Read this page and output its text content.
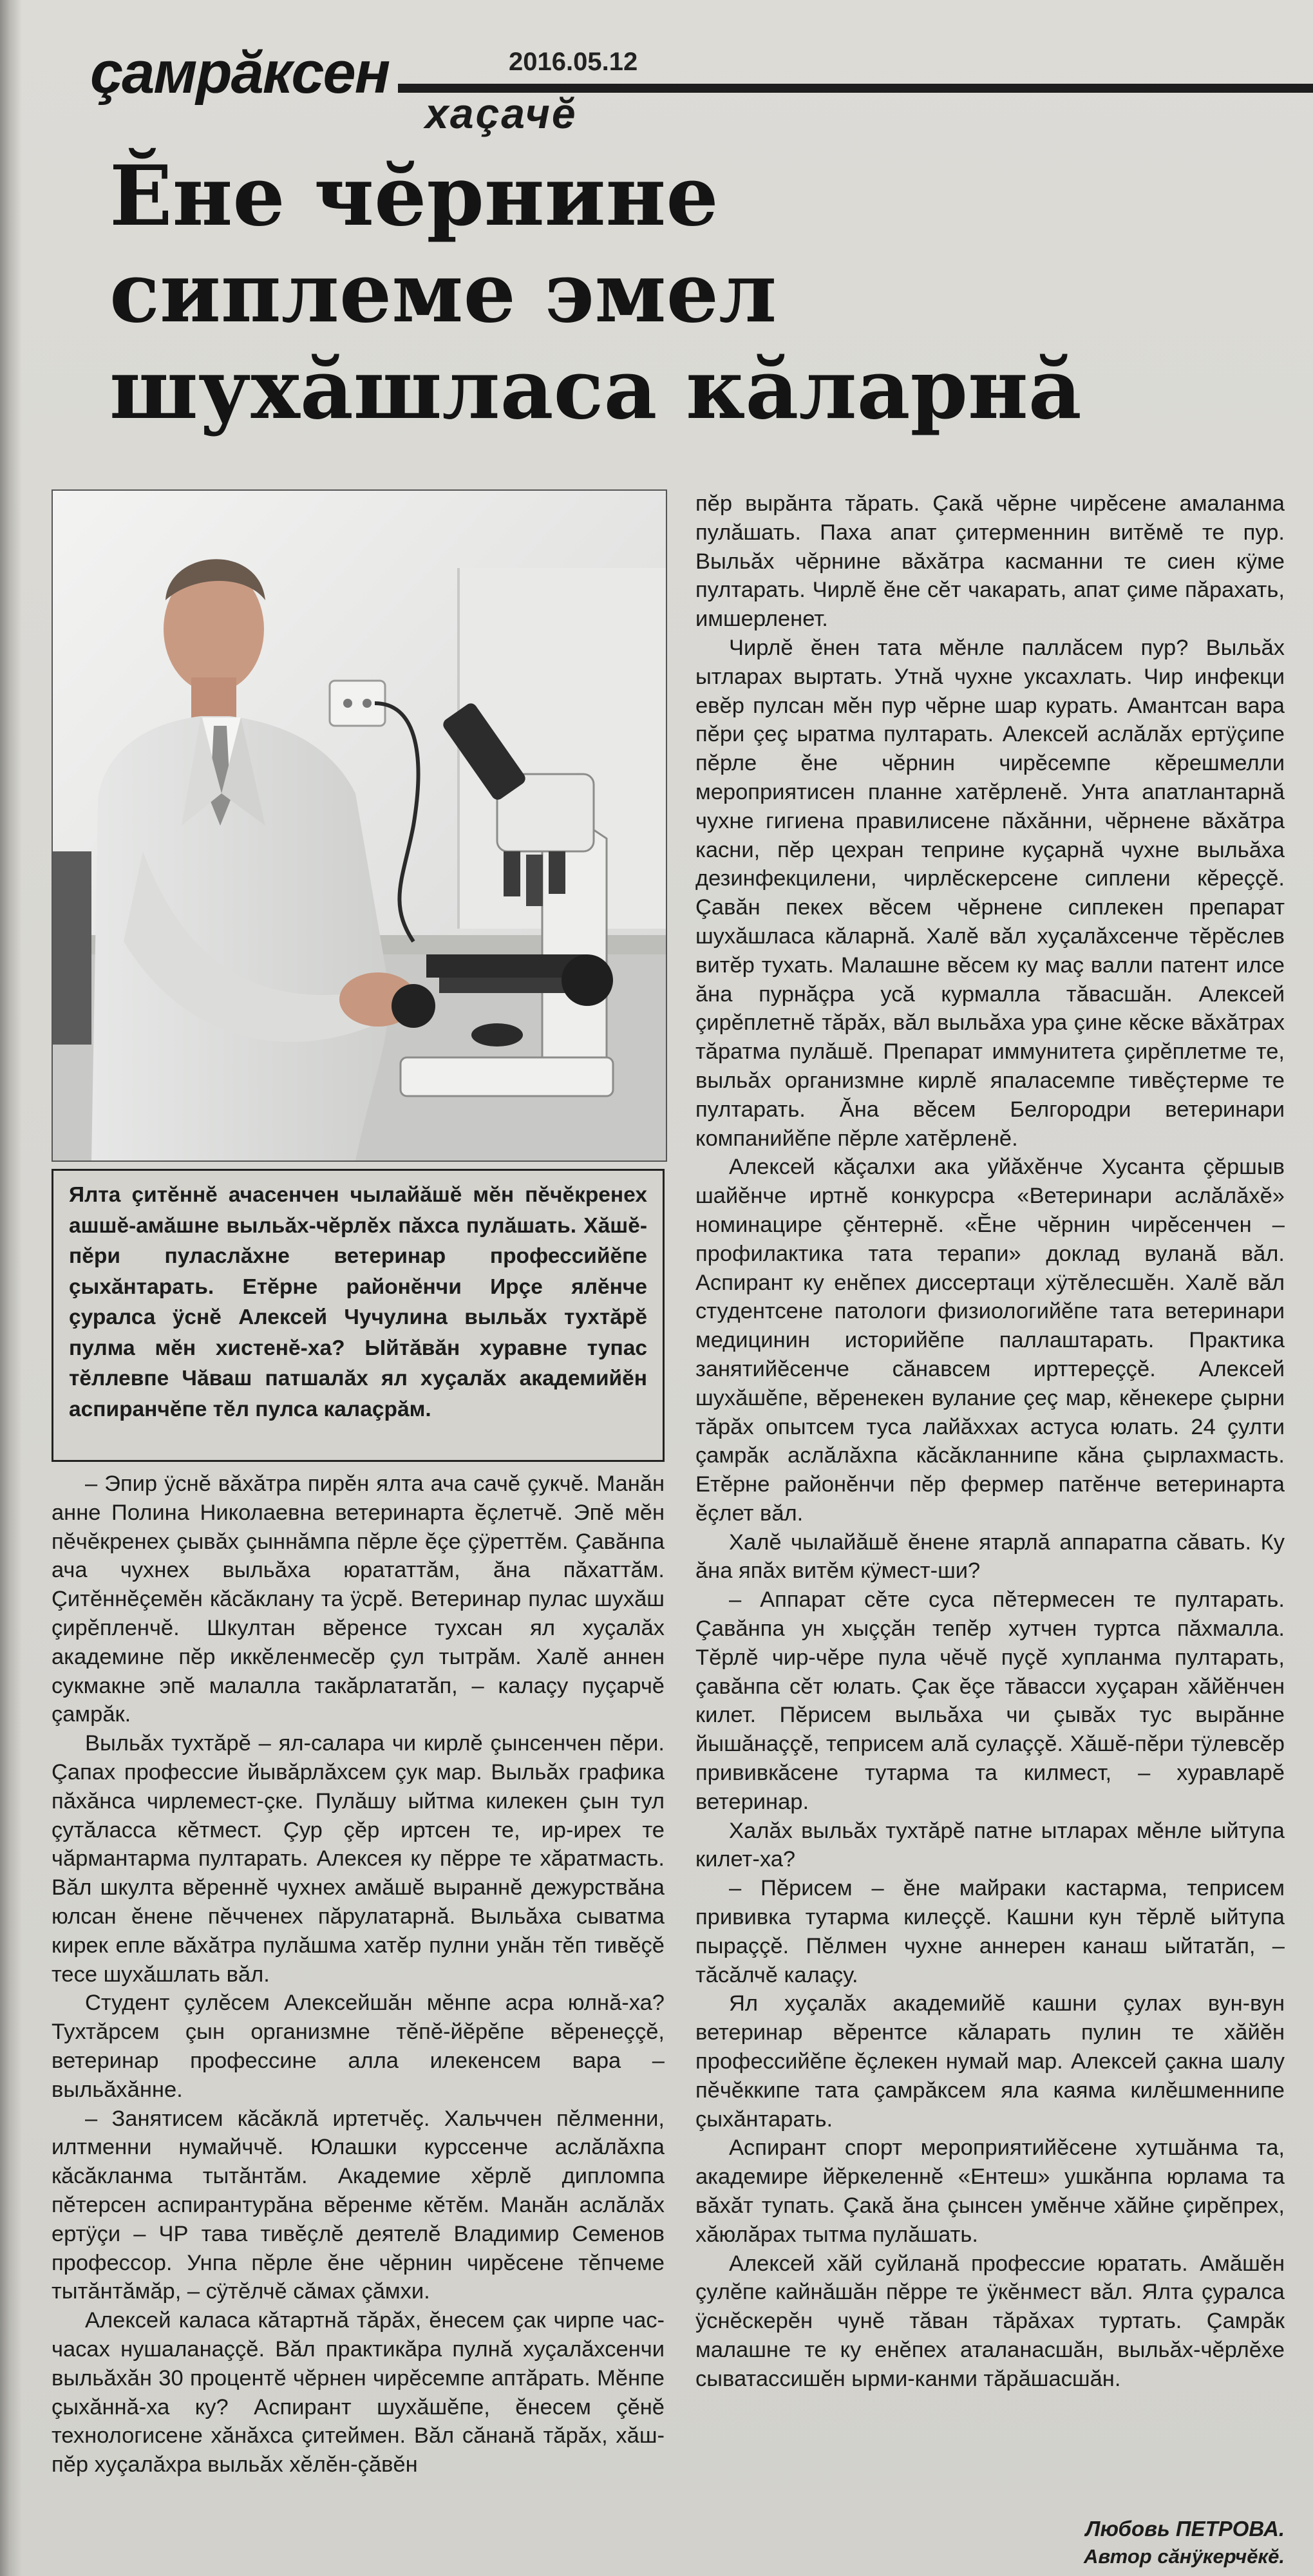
çамрăксен	2016.05.12
хаçачĕ
Ĕне чĕрнине
сиплеме эмел
шухăшласа кăларнă

Ялта çитĕннĕ ачасенчен чылайăшĕ мĕн пĕчĕкренех ашшĕ-амăшне выльăх-чĕрлĕх пăхса пулăшать. Хăшĕ-пĕри пуласлăхне ветеринар профессийĕпе çыхăнтарать. Етĕрне районĕнчи Ирçе ялĕнче çуралса ÿснĕ Алексей Чучулина выльăх тухтăрĕ пулма мĕн хистенĕ-ха? Ыйтăвăн хуравне тупас тĕллевпе Чăваш патшалăх ял хуçалăх академийĕн аспиранчĕпе тĕл пулса калаçрăм.

– Эпир ÿснĕ вăхăтра пирĕн ялта ача сачĕ çукчĕ. Манăн анне Полина Николаевна ветеринарта ĕçлетчĕ. Эпĕ мĕн пĕчĕкренех çывăх çыннăмпа пĕрле ĕçе çÿреттĕм. Çавăнпа ача чухнех выльăха юрататтăм, ăна пăхаттăм. Çитĕннĕçемĕн кăсăклану та ÿсрĕ. Ветеринар пулас шухăш çирĕпленчĕ. Шкултан вĕренсе тухсан ял хуçалăх академине пĕр иккĕленмесĕр çул тытрăм. Халĕ аннен сукмакне эпĕ малалла такăрлататăп, – калаçу пуçарчĕ çамрăк.

Выльăх тухтăрĕ – ял-салара чи кирлĕ çынсенчен пĕри. Çапах профессие йывăрлăхсем çук мар. Выльăх графика пăхăнса чирлемест-çке. Пулăшу ыйтма килекен çын тул çутăласса кĕтмест. Çур çĕр иртсен те, ир-ирех те чăрмантарма пултарать. Алексея ку пĕрре те хăратмасть. Вăл шкулта вĕреннĕ чухнех амăшĕ выраннĕ дежурствăна юлсан ĕнене пĕчченех пăрулатарнă. Выльăха сыватма кирек епле вăхăтра пулăшма хатĕр пулни унăн тĕп тивĕçĕ тесе шухăшлать вăл.

Студент çулĕсем Алексейшăн мĕнпе асра юлнă-ха? Тухтăрсем çын организмне тĕпĕ-йĕрĕпе вĕренеççĕ, ветеринар профессине алла илекенсем вара – выльăхăнне.

– Занятисем кăсăклă иртетчĕç. Хальччен пĕлменни, илтменни нумайччĕ. Юлашки курссенче аслăлăхпа кăсăкланма тытăнтăм. Академие хĕрлĕ дипломпа пĕтерсен аспирантурăна вĕренме кĕтĕм. Манăн аслăлăх ертÿçи – ЧР тава тивĕçлĕ деятелĕ Владимир Семенов профессор. Унпа пĕрле ĕне чĕрнин чирĕсене тĕпчеме тытăнтăмăр, – сÿтĕлчĕ сăмах çăмхи.

Алексей каласа кăтартнă тăрăх, ĕнесем çак чирпе час-часах нушаланаççĕ. Вăл практикăра пулнă хуçалăхсенчи выльăхăн 30 процентĕ чĕрнен чирĕсемпе аптăрать. Мĕнпе çыхăннă-ха ку? Аспирант шухăшĕпе, ĕнесем çĕнĕ технологисене хăнăхса çитеймен. Вăл сăнанă тăрăх, хăш-пĕр хуçалăхра выльăх хĕлĕн-çăвĕн

пĕр вырăнта тăрать. Çакă чĕрне чирĕсене амаланма пулăшать. Паха апат çитерменнин витĕмĕ те пур. Выльăх чĕрнине вăхăтра касманни те сиен кÿме пултарать. Чирлĕ ĕне сĕт чакарать, апат çиме пăрахать, имшерленет.

Чирлĕ ĕнен тата мĕнле паллăсем пур? Выльăх ытларах выртать. Утнă чухне уксахлать. Чир инфекци евĕр пулсан мĕн пур чĕрне шар курать. Амантсан вара пĕри çеç ыратма пултарать. Алексей аслăлăх ертÿçипе пĕрле ĕне чĕрнин чирĕсемпе кĕрешмелли мероприятисен планне хатĕрленĕ. Унта апатлантарнă чухне гигиена правилисене пăхăнни, чĕрнене вăхăтра касни, пĕр цехран теприне куçарнă чухне выльăха дезинфекцилени, чирлĕскерсене сиплени кĕреççĕ. Çавăн пекех вĕсем чĕрнене сиплекен препарат шухăшласа кăларнă. Халĕ вăл хуçалăхсенче тĕрĕслев витĕр тухать. Малашне вĕсем ку маç валли патент илсе ăна пурнăçра усă курмалла тăвасшăн. Алексей çирĕплетнĕ тăрăх, вăл выльăха ура çине кĕске вăхăтрах тăратма пулăшĕ. Препарат иммунитета çирĕплетме те, выльăх организмне кирлĕ япаласемпе тивĕçтерме те пултарать. Ăна вĕсем Белгородри ветеринари компанийĕпе пĕрле хатĕрленĕ.

Алексей кăçалхи ака уйăхĕнче Хусанта çĕршыв шайĕнче иртнĕ конкурсра «Ветеринари аслăлăхĕ» номинацире çĕнтернĕ. «Ĕне чĕрнин чирĕсенчен – профилактика тата терапи» доклад вуланă вăл. Аспирант ку енĕпех диссертаци хÿтĕлесшĕн. Халĕ вăл студентсене патологи физиологийĕпе тата ветеринари медицинин историйĕпе паллаштарать. Практика занятийĕсенче сăнавсем ирттереççĕ. Алексей шухăшĕпе, вĕренекен вулание çеç мар, кĕнекере çырни тăрăх опытсем туса лайăххах астуса юлать. 24 çулти çамрăк аслăлăхпа кăсăкланнипе кăна çырлахмасть. Етĕрне районĕнчи пĕр фермер патĕнче ветеринарта ĕçлет вăл.

Халĕ чылайăшĕ ĕнене ятарлă аппаратпа сăвать. Ку ăна япăх витĕм кÿмест-ши?

– Аппарат сĕте суса пĕтермесен те пултарать. Çавăнпа ун хыççăн тепĕр хутчен туртса пăхмалла. Тĕрлĕ чир-чĕре пула чĕчĕ пуçĕ хупланма пултарать, çавăнпа сĕт юлать. Çак ĕçе тăвасси хуçаран хăйĕнчен килет. Пĕрисем выльăха чи çывăх тус вырăнне йышăнаççĕ, теприсем алă сулаççĕ. Хăшĕ-пĕри тÿлевсĕр прививкăсене тутарма та килмест, – хуравларĕ ветеринар.

Халăх выльăх тухтăрĕ патне ытларах мĕнле ыйтупа килет-ха?

– Пĕрисем – ĕне майраки кастарма, теприсем прививка тутарма килеççĕ. Кашни кун тĕрлĕ ыйтупа пыраççĕ. Пĕлмен чухне аннерен канаш ыйтатăп, – тăсăлчĕ калаçу.

Ял хуçалăх академийĕ кашни çулах вун-вун ветеринар вĕрентсе кăларать пулин те хăйĕн профессийĕпе ĕçлекен нумай мар. Алексей çакна шалу пĕчĕккипе тата çамрăксем яла каяма килĕшменнипе çыхăнтарать.

Аспирант спорт мероприятийĕсене хутшăнма та, академире йĕркеленнĕ «Ентеш» ушкăнпа юрлама та вăхăт тупать. Çакă ăна çынсен умĕнче хăйне çирĕпрех, хăюлăрах тытма пулăшать.

Алексей хăй суйланă профессие юратать. Амăшĕн çулĕпе кайнăшăн пĕрре те ÿкĕнмест вăл. Ялта çуралса ÿснĕскерĕн чунĕ тăван тăрăхах туртать. Çамрăк малашне те ку енĕпех аталанасшăн, выльăх-чĕрлĕхе сыватассишĕн ырми-канми тăрăшасшăн.

Любовь ПЕТРОВА.
Автор сăнÿкерчĕкĕ.
